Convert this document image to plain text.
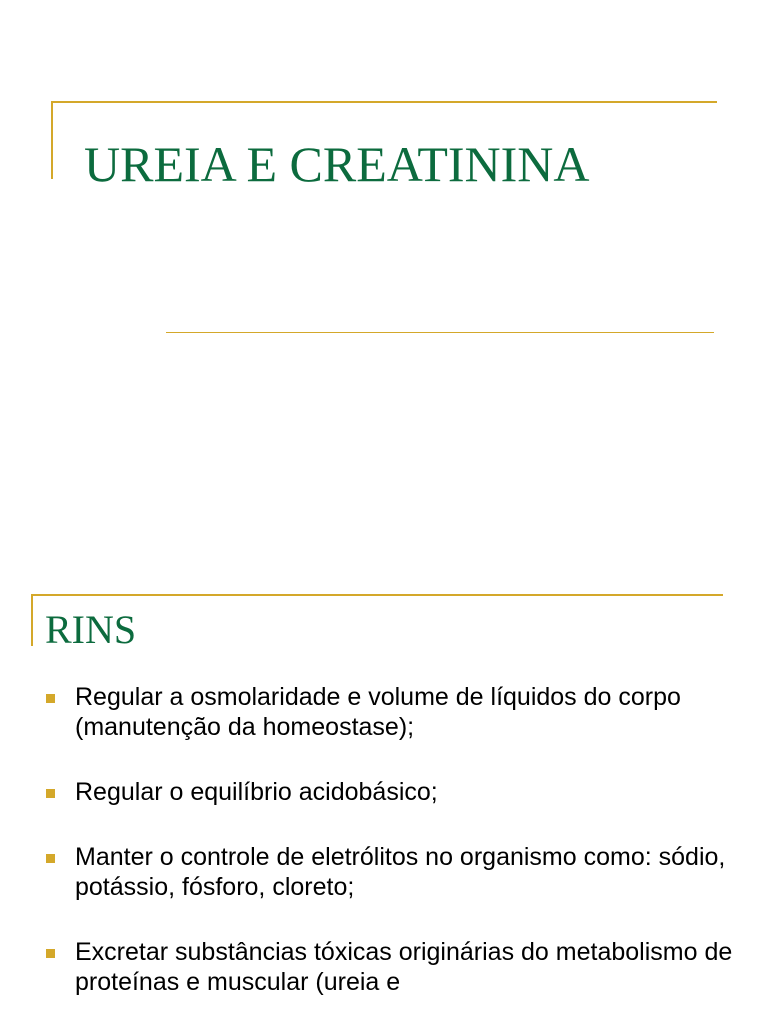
UREIA E CREATININA
RINS
Regular a osmolaridade e volume de líquidos do corpo (manutenção da homeostase);
Regular o equilíbrio acidobásico;
Manter o controle de eletrólitos no organismo como: sódio, potássio, fósforo, cloreto;
Excretar substâncias tóxicas originárias do metabolismo de proteínas e muscular (ureia e
